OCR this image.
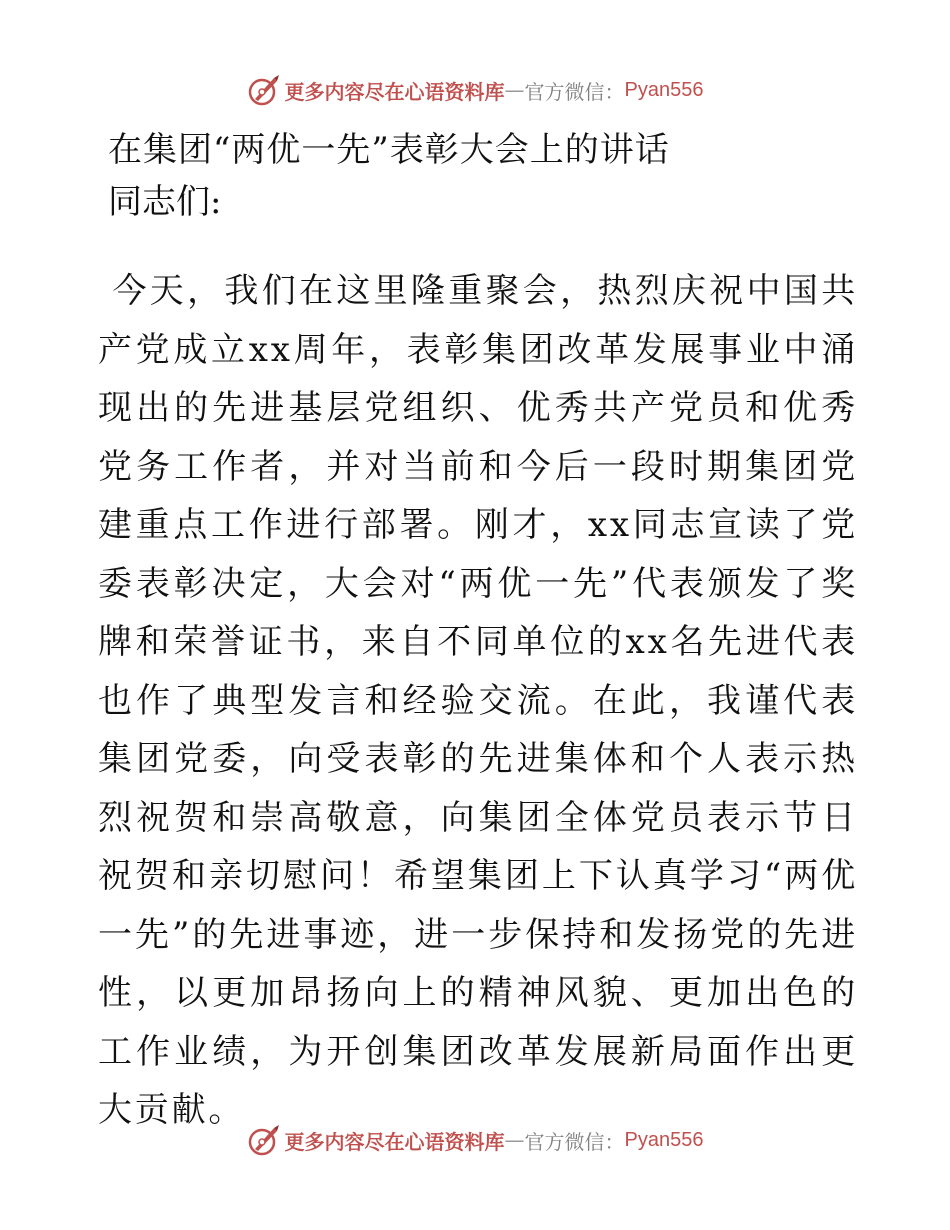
更多内容尽在心语资料库 — 官方微信： Pyan556
在集团“两优一先”表彰大会上的讲话

同志们:

今天，我们在这里隆重聚会，热烈庆祝中国共产党成立xx周年，表彰集团改革发展事业中涌现出的先进基层党组织、优秀共产党员和优秀党务工作者，并对当前和今后一段时期集团党建重点工作进行部署。刚才，xx同志宣读了党委表彰决定，大会对“两优一先”代表颁发了奖牌和荣誉证书，来自不同单位的xx名先进代表也作了典型发言和经验交流。在此，我谨代表集团党委，向受表彰的先进集体和个人表示热烈祝贺和崇高敬意，向集团全体党员表示节日祝贺和亲切慰问！希望集团上下认真学习“两优一先”的先进事迹，进一步保持和发扬党的先进性，以更加昂扬向上的精神风貌、更加出色的工作业绩，为开创集团改革发展新局面作出更大贡献。

更多内容尽在心语资料库 — 官方微信： Pyan556
